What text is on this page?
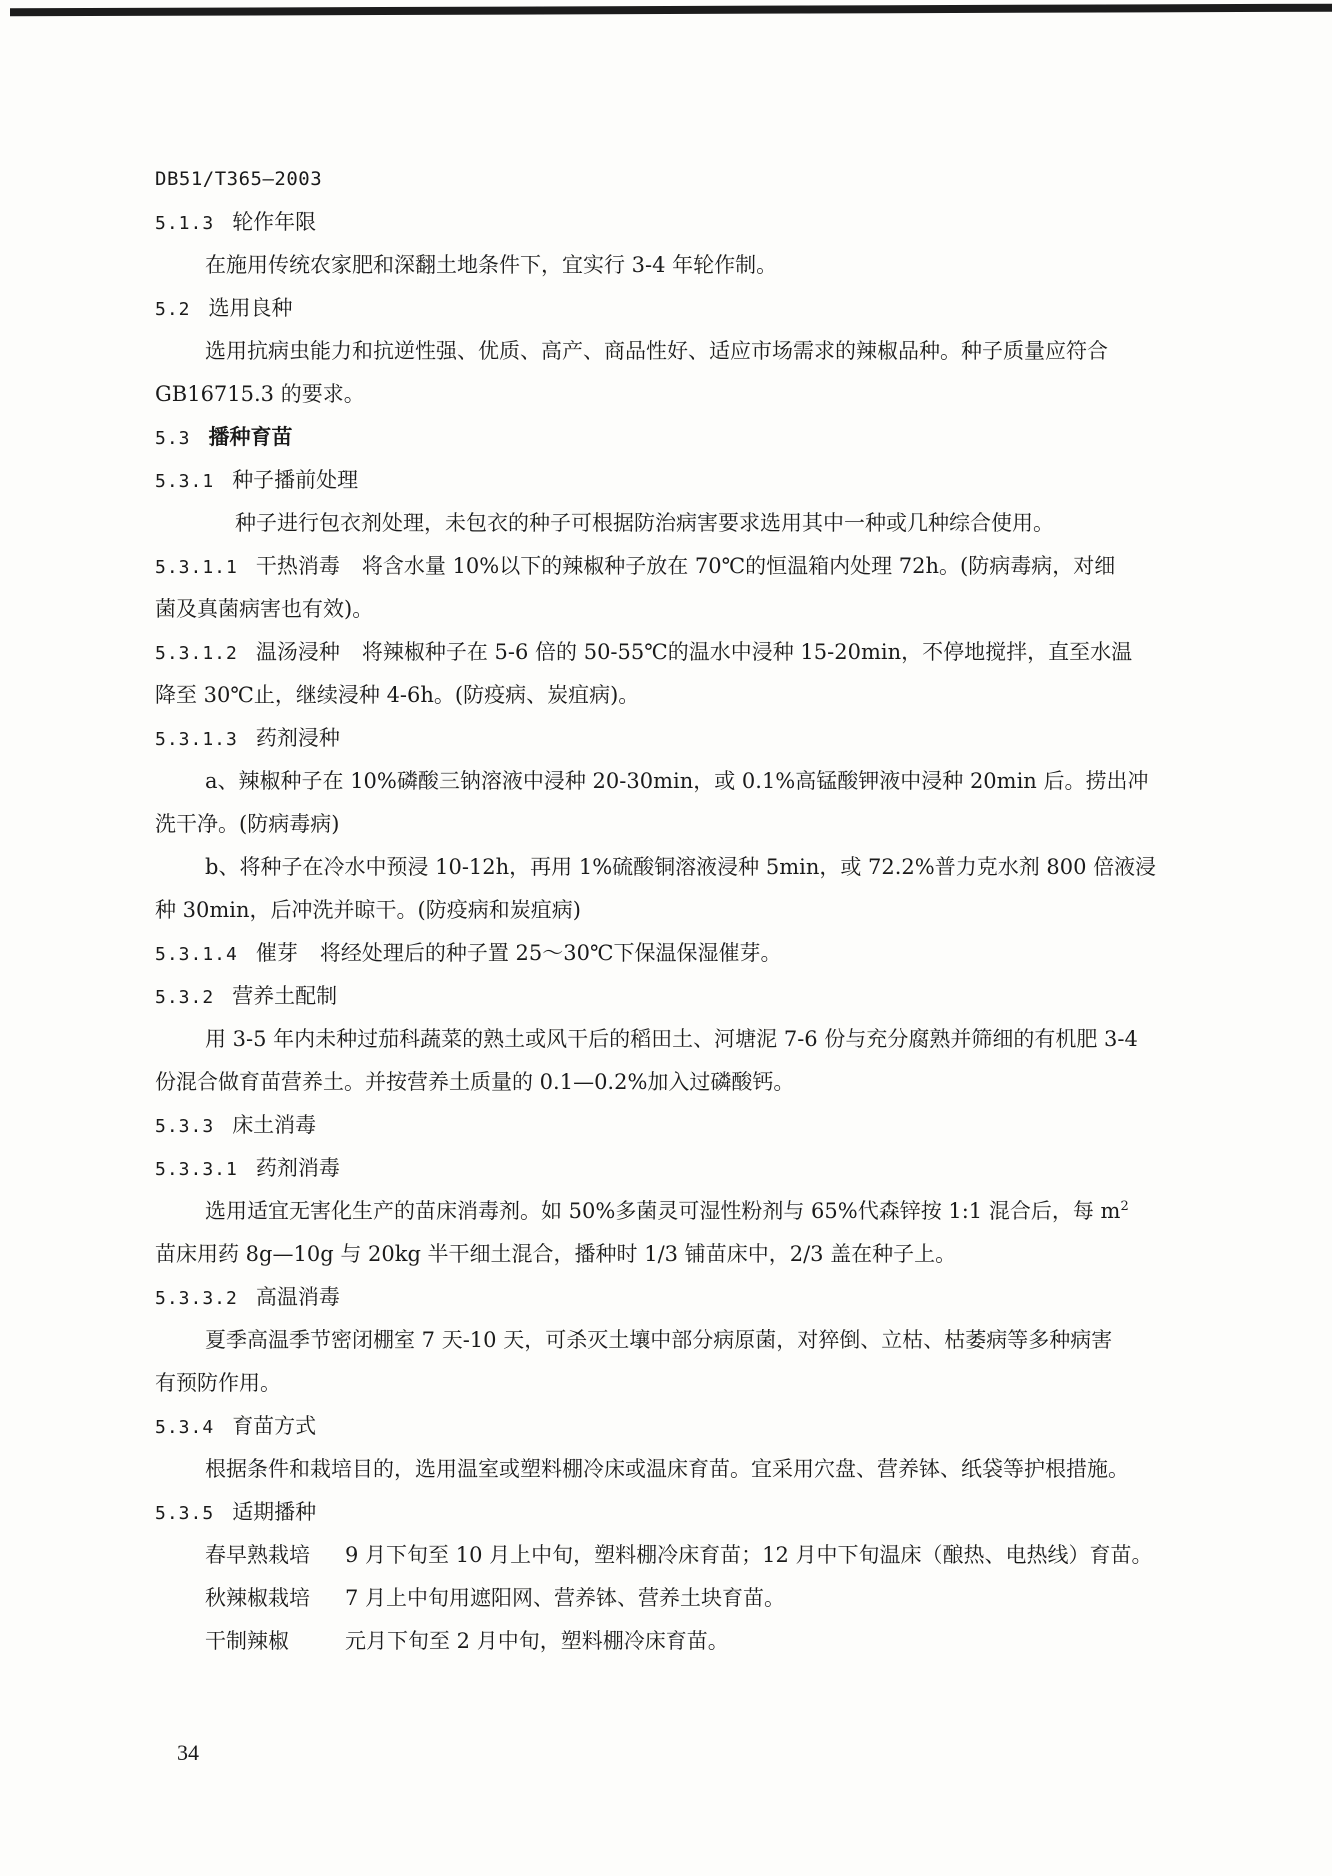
DB51/T365—2003
5.1.3 轮作年限
在施用传统农家肥和深翻土地条件下，宜实行 3-4 年轮作制。
5.2 选用良种
选用抗病虫能力和抗逆性强、优质、高产、商品性好、适应市场需求的辣椒品种。种子质量应符合
GB16715.3 的要求。
5.3 播种育苗
5.3.1 种子播前处理
种子进行包衣剂处理，未包衣的种子可根据防治病害要求选用其中一种或几种综合使用。
5.3.1.1 干热消毒 将含水量 10%以下的辣椒种子放在 70℃的恒温箱内处理 72h。(防病毒病，对细
菌及真菌病害也有效)。
5.3.1.2 温汤浸种 将辣椒种子在 5-6 倍的 50-55℃的温水中浸种 15-20min，不停地搅拌，直至水温
降至 30℃止，继续浸种 4-6h。(防疫病、炭疽病)。
5.3.1.3 药剂浸种
a、辣椒种子在 10%磷酸三钠溶液中浸种 20-30min，或 0.1%高锰酸钾液中浸种 20min 后。捞出冲
洗干净。(防病毒病)
b、将种子在冷水中预浸 10-12h，再用 1%硫酸铜溶液浸种 5min，或 72.2%普力克水剂 800 倍液浸
种 30min，后冲洗并晾干。(防疫病和炭疽病)
5.3.1.4 催芽 将经处理后的种子置 25～30℃下保温保湿催芽。
5.3.2 营养土配制
用 3-5 年内未种过茄科蔬菜的熟土或风干后的稻田土、河塘泥 7-6 份与充分腐熟并筛细的有机肥 3-4
份混合做育苗营养土。并按营养土质量的 0.1—0.2%加入过磷酸钙。
5.3.3 床土消毒
5.3.3.1 药剂消毒
选用适宜无害化生产的苗床消毒剂。如 50%多菌灵可湿性粉剂与 65%代森锌按 1:1 混合后，每 $m^2$
苗床用药 8g—10g 与 20kg 半干细土混合，播种时 1/3 铺苗床中，2/3 盖在种子上。
5.3.3.2 高温消毒
夏季高温季节密闭棚室 7 天-10 天，可杀灭土壤中部分病原菌，对猝倒、立枯、枯萎病等多种病害
有预防作用。
5.3.4 育苗方式
根据条件和栽培目的，选用温室或塑料棚冷床或温床育苗。宜采用穴盘、营养钵、纸袋等护根措施。
5.3.5 适期播种
春早熟栽培 9 月下旬至 10 月上中旬，塑料棚冷床育苗；12 月中下旬温床（酿热、电热线）育苗。
秋辣椒栽培 7 月上中旬用遮阳网、营养钵、营养土块育苗。
干制辣椒	元月下旬至 2 月中旬，塑料棚冷床育苗。
34
